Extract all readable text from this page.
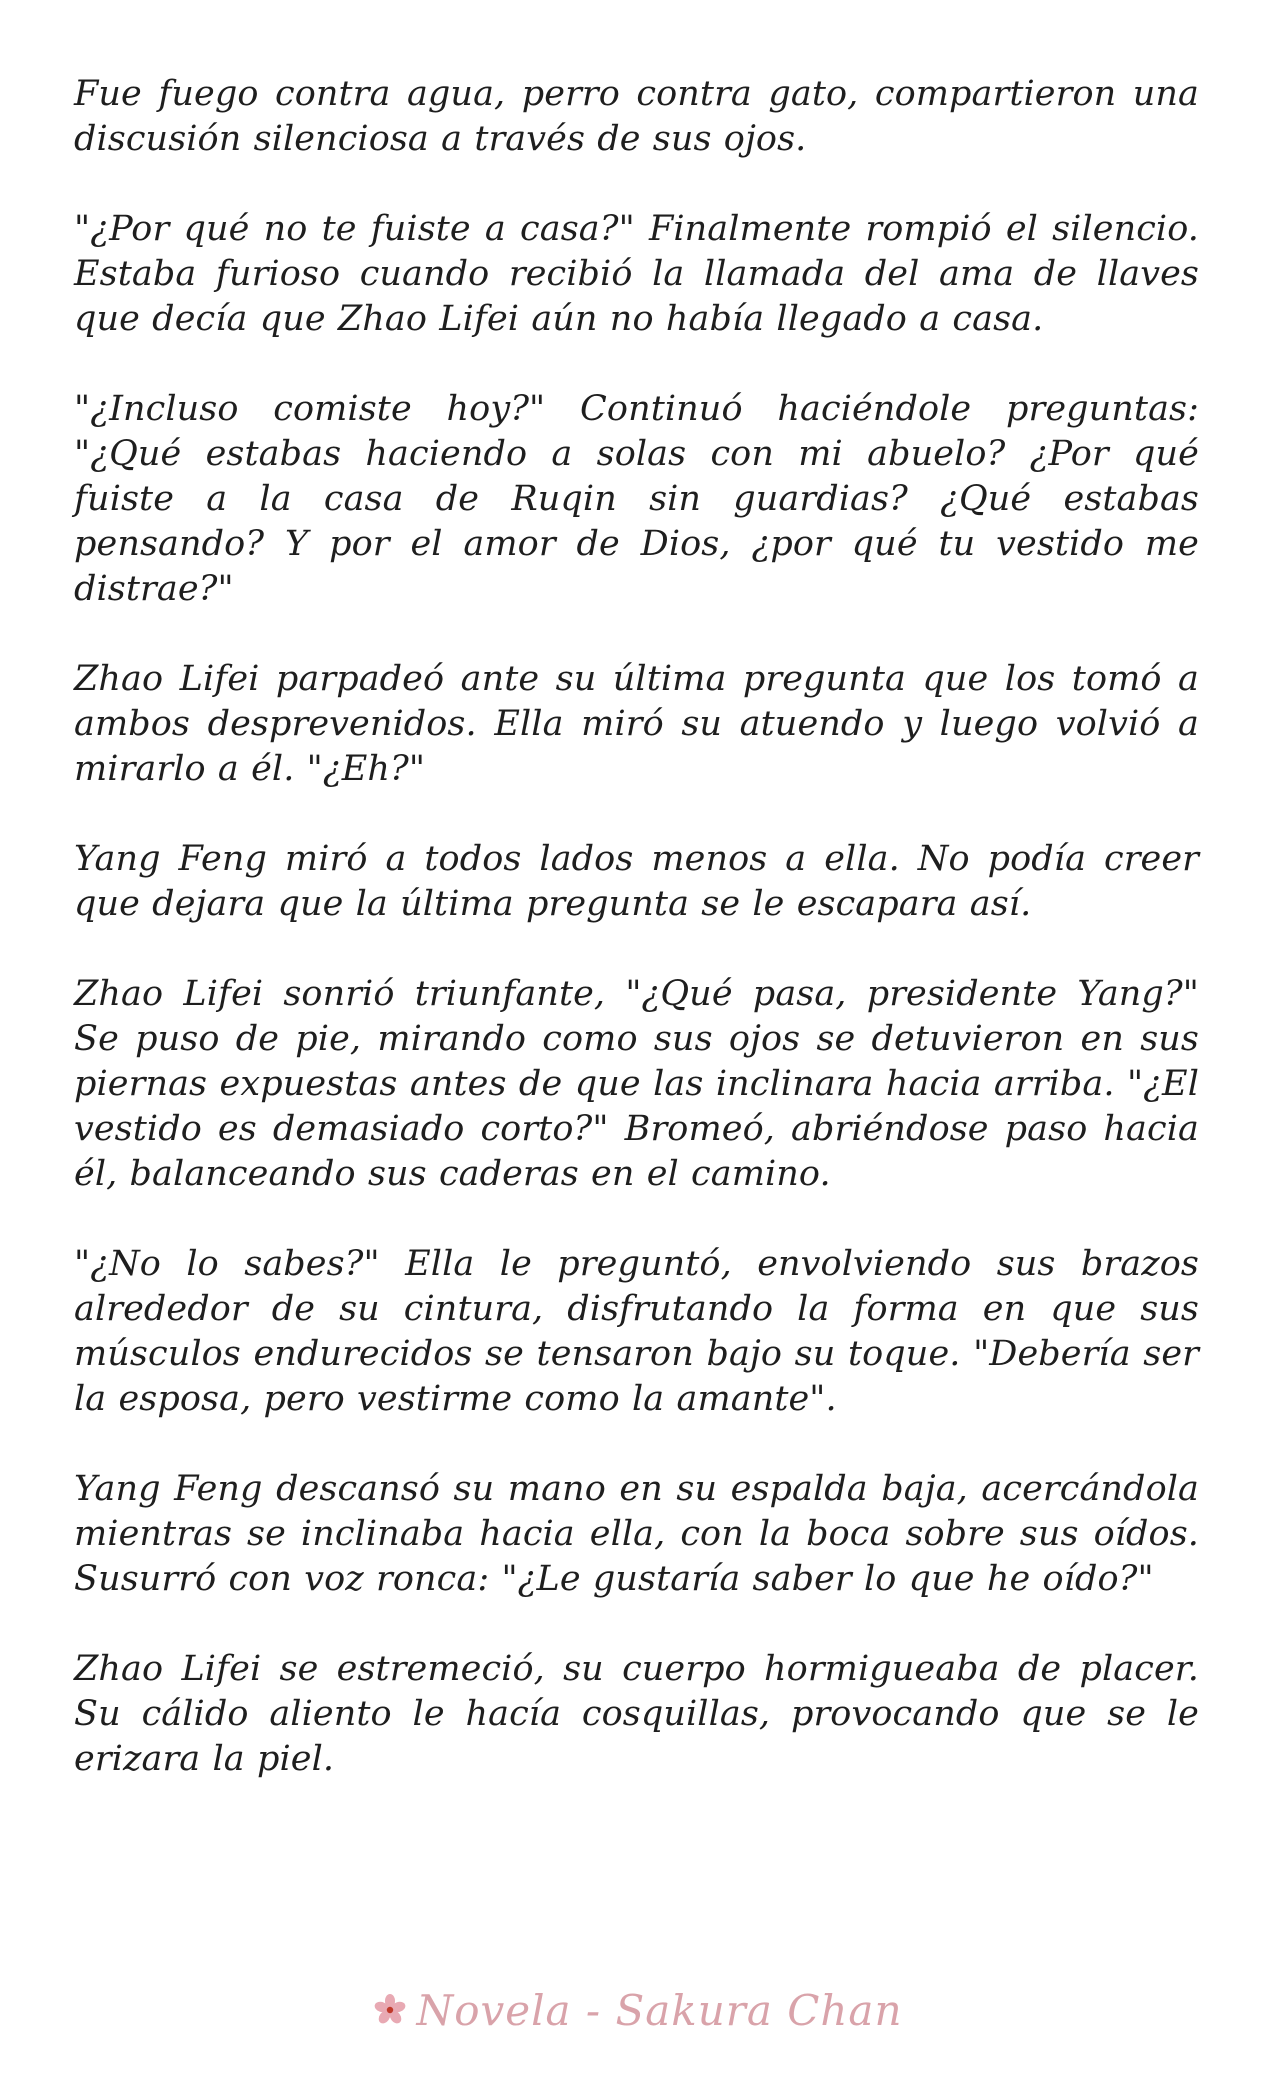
Fue fuego contra agua, perro contra gato, compartieron una discusión silenciosa a través de sus ojos.

"¿Por qué no te fuiste a casa?" Finalmente rompió el silencio. Estaba furioso cuando recibió la llamada del ama de llaves que decía que Zhao Lifei aún no había llegado a casa.

"¿Incluso comiste hoy?" Continuó haciéndole preguntas: "¿Qué estabas haciendo a solas con mi abuelo? ¿Por qué fuiste a la casa de Ruqin sin guardias? ¿Qué estabas pensando? Y por el amor de Dios, ¿por qué tu vestido me distrae?"

Zhao Lifei parpadeó ante su última pregunta que los tomó a ambos desprevenidos. Ella miró su atuendo y luego volvió a mirarlo a él. "¿Eh?"

Yang Feng miró a todos lados menos a ella. No podía creer que dejara que la última pregunta se le escapara así.

Zhao Lifei sonrió triunfante, "¿Qué pasa, presidente Yang?" Se puso de pie, mirando como sus ojos se detuvieron en sus piernas expuestas antes de que las inclinara hacia arriba. "¿El vestido es demasiado corto?" Bromeó, abriéndose paso hacia él, balanceando sus caderas en el camino.

"¿No lo sabes?" Ella le preguntó, envolviendo sus brazos alrededor de su cintura, disfrutando la forma en que sus músculos endurecidos se tensaron bajo su toque. "Debería ser la esposa, pero vestirme como la amante".

Yang Feng descansó su mano en su espalda baja, acercándola mientras se inclinaba hacia ella, con la boca sobre sus oídos. Susurró con voz ronca: "¿Le gustaría saber lo que he oído?"

Zhao Lifei se estremeció, su cuerpo hormigueaba de placer. Su cálido aliento le hacía cosquillas, provocando que se le erizara la piel.

Novela - Sakura Chan
